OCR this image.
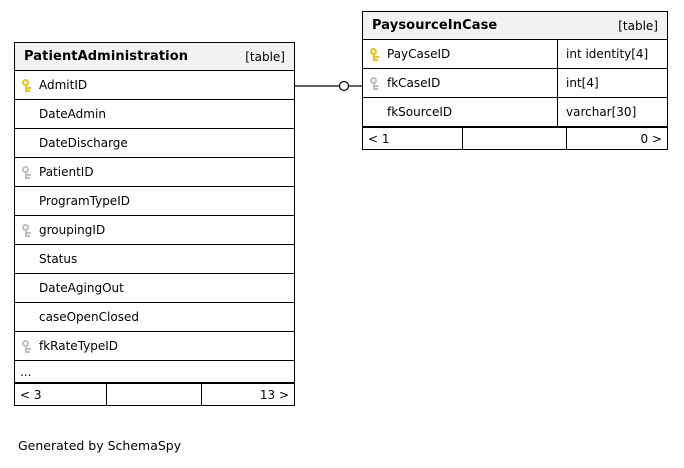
PatientAdministration	[table]
AdmitID
DateAdmin
DateDischarge
PatientID
ProgramTypeID
groupingID
Status
DateAgingOut
caseOpenClosed
fkRateTypeID
...
< 3	13 >
PaysourceInCase	[table]
PayCaseID	int identity[4]
fkCaseID	int[4]
fkSourceID	varchar[30]
< 1	0 >
Generated by SchemaSpy
